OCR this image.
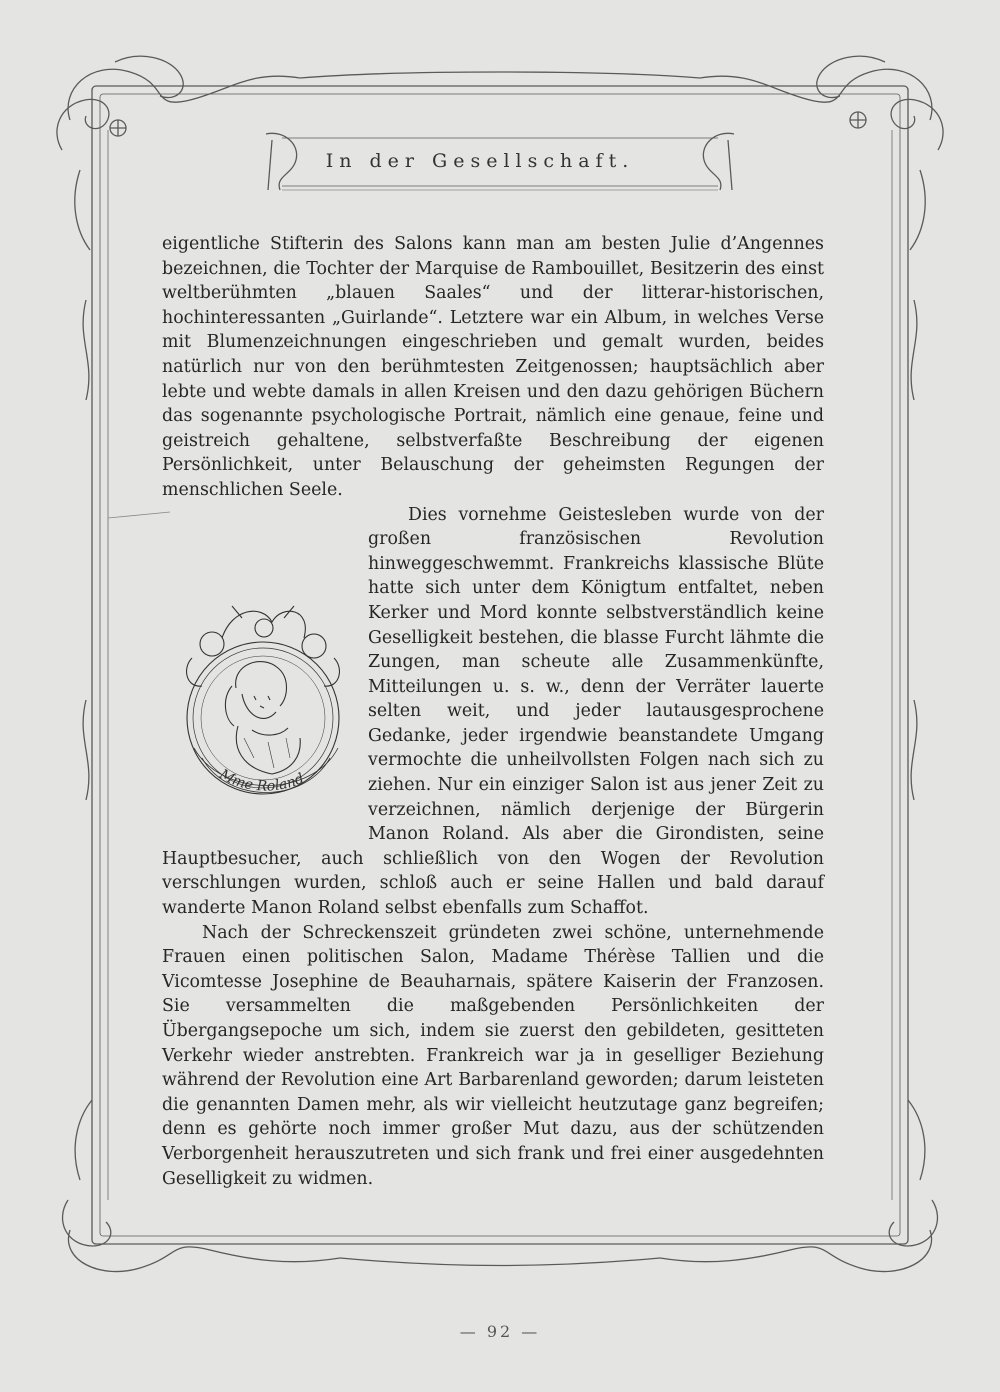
In der Gesellschaft.

eigentliche Stifterin des Salons kann man am besten Julie d’Angennes bezeichnen, die Tochter der Marquise de Rambouillet, Besitzerin des einst weltberühmten „blauen Saales“ und der litterar-historischen, hochinteressanten „Guirlande“. Letztere war ein Album, in welches Verse mit Blumenzeichnungen eingeschrieben und gemalt wurden, beides natürlich nur von den berühmtesten Zeitgenossen; hauptsächlich aber lebte und webte damals in allen Kreisen und den dazu gehörigen Büchern das sogenannte psychologische Portrait, nämlich eine genaue, feine und geistreich gehaltene, selbstverfaßte Beschreibung der eigenen Persönlichkeit, unter Belauschung der geheimsten Regungen der menschlichen Seele.

Dies vornehme Geistesleben wurde von der großen französischen Revolution hinweggeschwemmt. Frankreichs klassische Blüte hatte sich unter dem Königtum entfaltet, neben Kerker und Mord konnte selbstverständlich keine Geselligkeit bestehen, die blasse Furcht lähmte die Zungen, man scheute alle Zusammenkünfte, Mitteilungen u. s. w., denn der Verräter lauerte selten weit, und jeder lautausgesprochene Gedanke, jeder irgendwie beanstandete Umgang vermochte die unheilvollsten Folgen nach sich zu ziehen. Nur ein einziger Salon ist aus jener Zeit zu verzeichnen, nämlich derjenige der Bürgerin Manon Roland. Als aber die Girondisten, seine Hauptbesucher, auch schließlich von den Wogen der Revolution verschlungen wurden, schloß auch er seine Hallen und bald darauf wanderte Manon Roland selbst ebenfalls zum Schaffot.

Nach der Schreckenszeit gründeten zwei schöne, unternehmende Frauen einen politischen Salon, Madame Thérèse Tallien und die Vicomtesse Josephine de Beauharnais, spätere Kaiserin der Franzosen. Sie versammelten die maßgebenden Persönlichkeiten der Übergangsepoche um sich, indem sie zuerst den gebildeten, gesitteten Verkehr wieder anstrebten. Frankreich war ja in geselliger Beziehung während der Revolution eine Art Barbarenland geworden; darum leisteten die genannten Damen mehr, als wir vielleicht heutzutage ganz begreifen; denn es gehörte noch immer großer Mut dazu, aus der schützenden Verborgenheit herauszutreten und sich frank und frei einer ausgedehnten Geselligkeit zu widmen.

Mme Roland
— 92 —
